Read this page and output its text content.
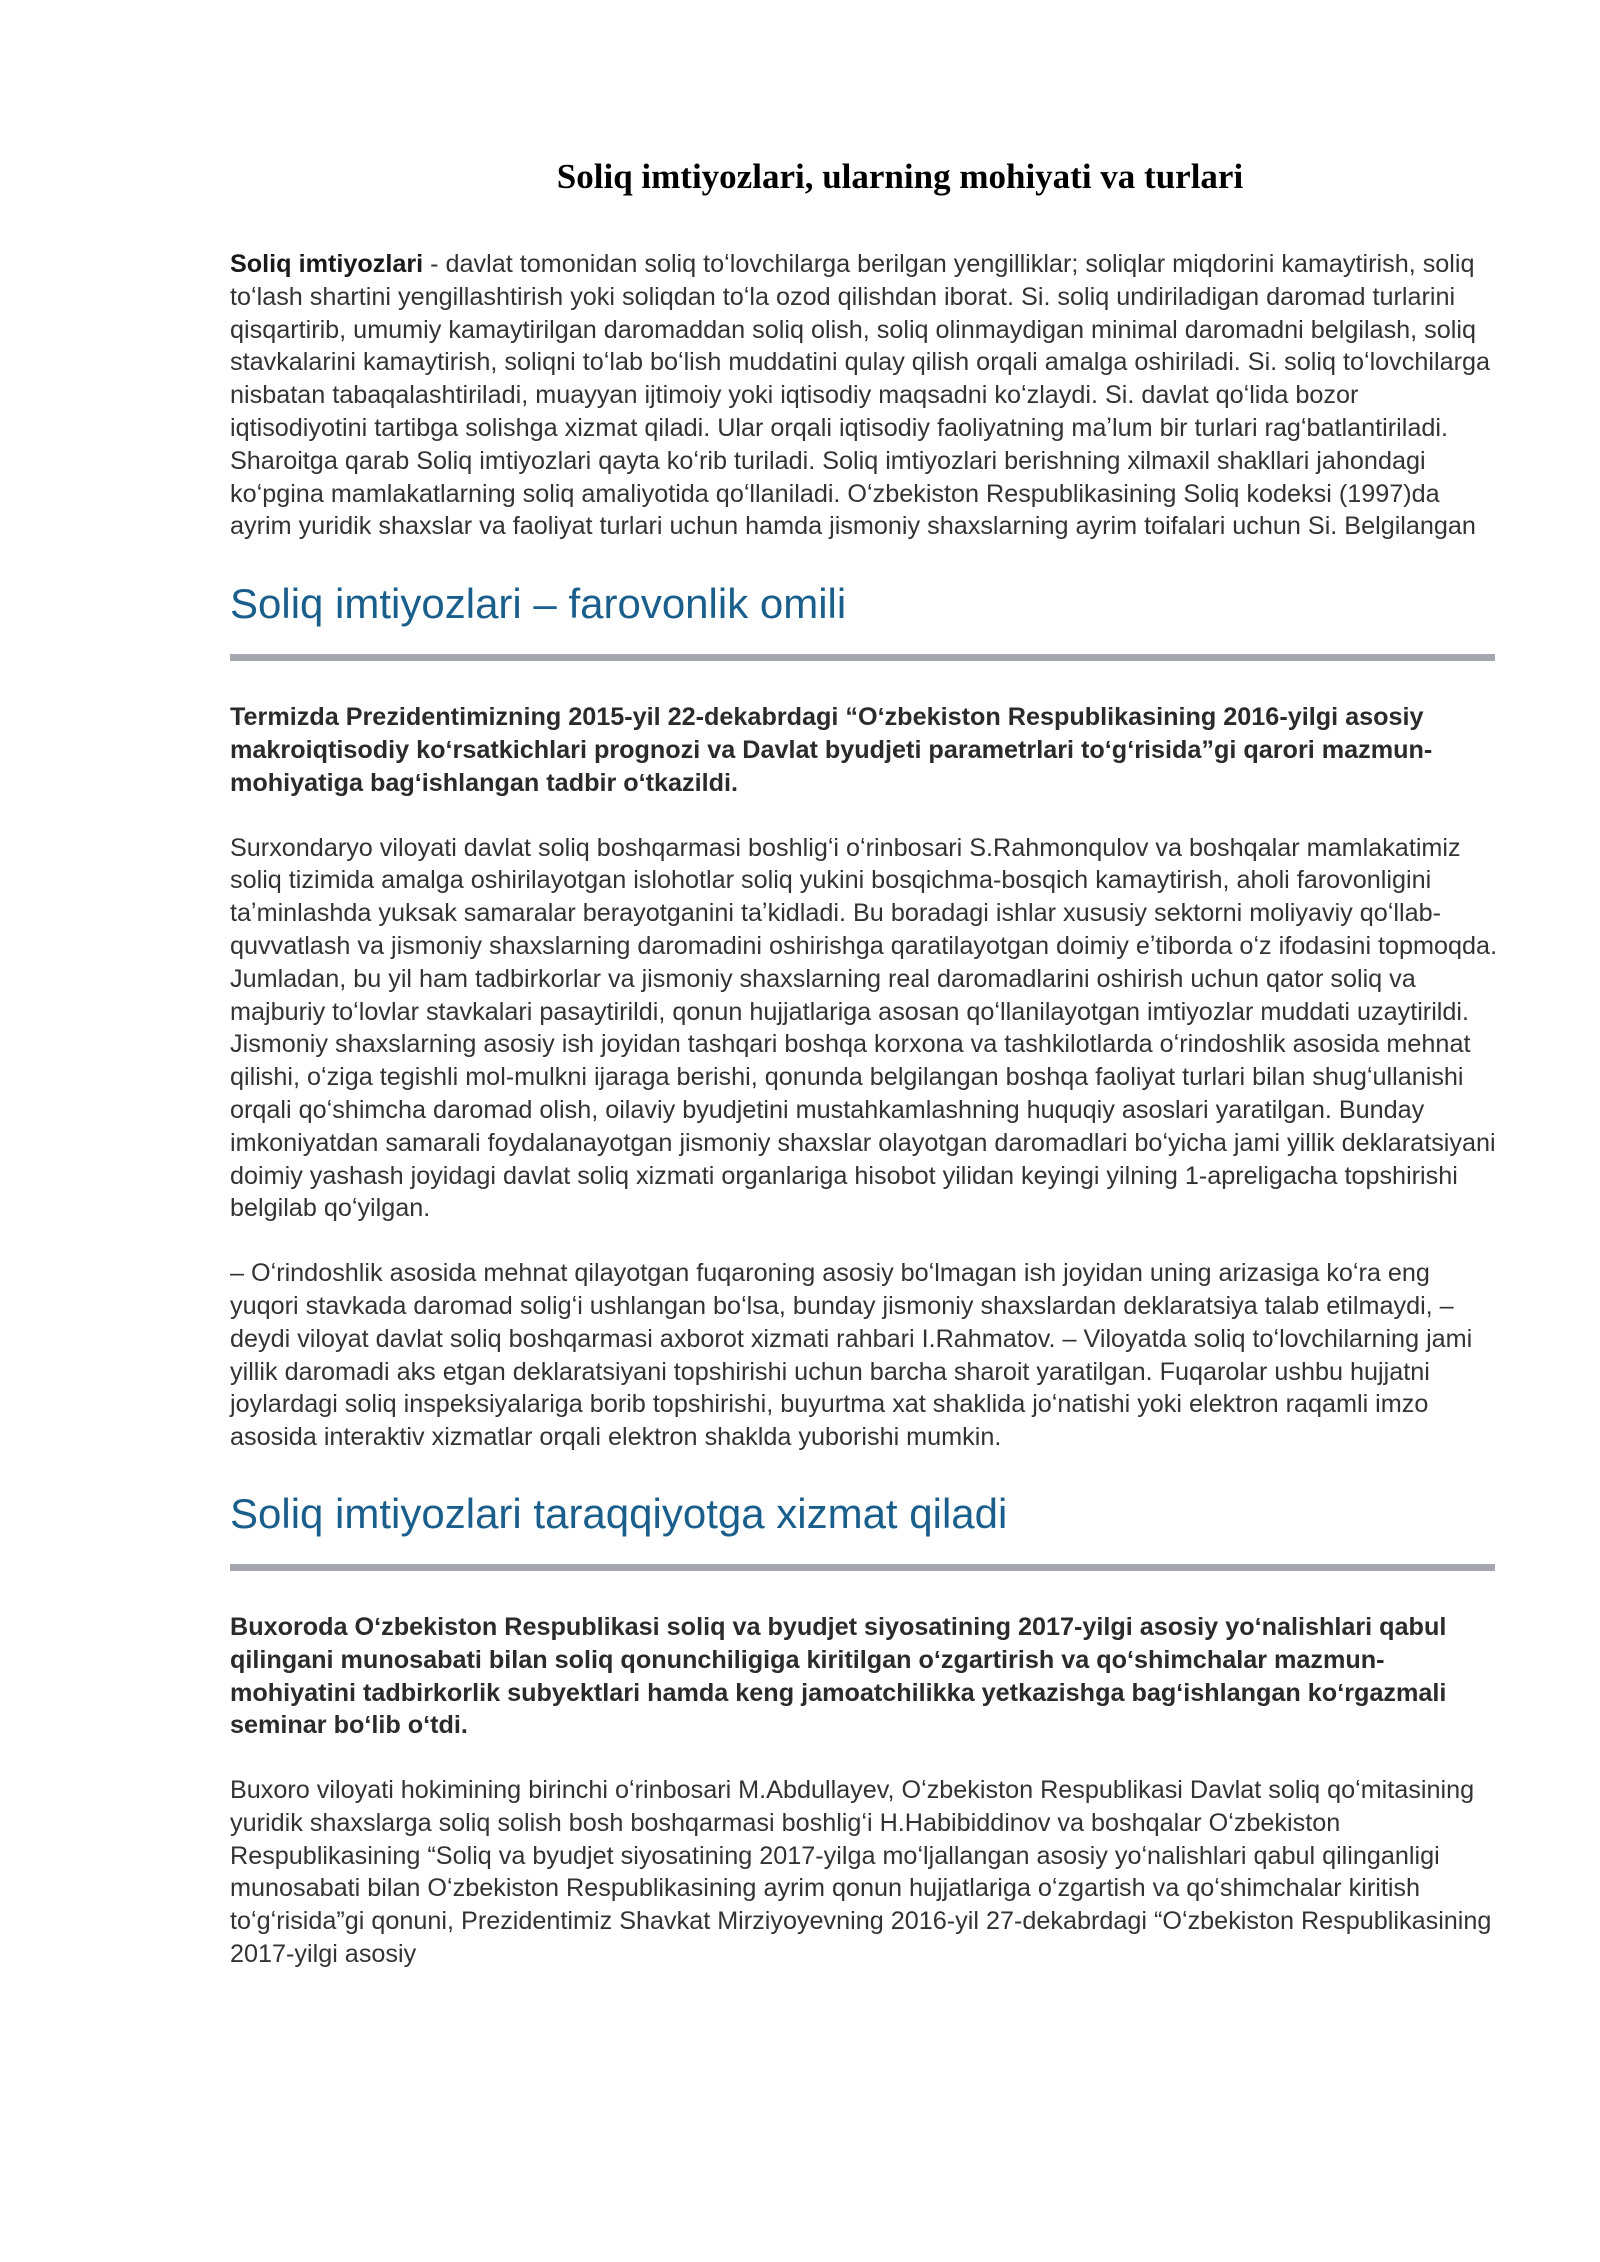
Soliq imtiyozlari, ularning mohiyati va turlari

Soliq imtiyozlari - davlat tomonidan soliq toʻlovchilarga berilgan yengilliklar; soliqlar miqdorini kamaytirish, soliq toʻlash shartini yengillashtirish yoki soliqdan toʻla ozod qilishdan iborat. Si. soliq undiriladigan daromad turlarini qisqartirib, umumiy kamaytirilgan daromaddan soliq olish, soliq olinmaydigan minimal daromadni belgilash, soliq stavkalarini kamaytirish, soliqni toʻlab boʻlish muddatini qulay qilish orqali amalga oshiriladi. Si. soliq toʻlovchilarga nisbatan tabaqalashtiriladi, muayyan ijtimoiy yoki iqtisodiy maqsadni koʻzlaydi. Si. davlat qoʻlida bozor iqtisodiyotini tartibga solishga xizmat qiladi. Ular orqali iqtisodiy faoliyatning maʼlum bir turlari ragʻbatlantiriladi. Sharoitga qarab Soliq imtiyozlari qayta koʻrib turiladi. Soliq imtiyozlari berishning xilmaxil shakllari jahondagi koʻpgina mamlakatlarning soliq amaliyotida qoʻllaniladi. Oʻzbekiston Respublikasining Soliq kodeksi (1997)da ayrim yuridik shaxslar va faoliyat turlari uchun hamda jismoniy shaxslarning ayrim toifalari uchun Si. Belgilangan

Soliq imtiyozlari – farovonlik omili

Termizda Prezidentimizning 2015-yil 22-dekabrdagi “Oʻzbekiston Respublikasining 2016-yilgi asosiy makroiqtisodiy koʻrsatkichlari prognozi va Davlat byudjeti parametrlari toʻgʻrisida”gi qarori mazmun-mohiyatiga bagʻishlangan tadbir oʻtkazildi.

Surxondaryo viloyati davlat soliq boshqarmasi boshligʻi oʻrinbosari S.Rahmonqulov va boshqalar mamlakatimiz soliq tizimida amalga oshirilayotgan islohotlar soliq yukini bosqichma-bosqich kamaytirish, aholi farovonligini taʼminlashda yuksak samaralar berayotganini taʼkidladi. Bu boradagi ishlar xususiy sektorni moliyaviy qoʻllab-quvvatlash va jismoniy shaxslarning daromadini oshirishga qaratilayotgan doimiy eʼtiborda oʻz ifodasini topmoqda. Jumladan, bu yil ham tadbirkorlar va jismoniy shaxslarning real daromadlarini oshirish uchun qator soliq va majburiy toʻlovlar stavkalari pasaytirildi, qonun hujjatlariga asosan qoʻllanilayotgan imtiyozlar muddati uzaytirildi. Jismoniy shaxslarning asosiy ish joyidan tashqari boshqa korxona va tashkilotlarda oʻrindoshlik asosida mehnat qilishi, oʻziga tegishli mol-mulkni ijaraga berishi, qonunda belgilangan boshqa faoliyat turlari bilan shugʻullanishi orqali qoʻshimcha daromad olish, oilaviy byudjetini mustahkamlashning huquqiy asoslari yaratilgan. Bunday imkoniyatdan samarali foydalanayotgan jismoniy shaxslar olayotgan daromadlari boʻyicha jami yillik deklaratsiyani doimiy yashash joyidagi davlat soliq xizmati organlariga hisobot yilidan keyingi yilning 1-apreligacha topshirishi belgilab qoʻyilgan.

– Oʻrindoshlik asosida mehnat qilayotgan fuqaroning asosiy boʻlmagan ish joyidan uning arizasiga koʻra eng yuqori stavkada daromad soligʻi ushlangan boʻlsa, bunday jismoniy shaxslardan deklaratsiya talab etilmaydi, – deydi viloyat davlat soliq boshqarmasi axborot xizmati rahbari I.Rahmatov. – Viloyatda soliq toʻlovchilarning jami yillik daromadi aks etgan deklaratsiyani topshirishi uchun barcha sharoit yaratilgan. Fuqarolar ushbu hujjatni joylardagi soliq inspeksiyalariga borib topshirishi, buyurtma xat shaklida joʻnatishi yoki elektron raqamli imzo asosida interaktiv xizmatlar orqali elektron shakldа yuborishi mumkin.

Soliq imtiyozlari taraqqiyotga xizmat qiladi

Buxoroda Oʻzbekiston Respublikasi soliq va byudjet siyosatining 2017-yilgi asosiy yoʻnalishlari qabul qilingani munosabati bilan soliq qonunchiligiga kiritilgan oʻzgartirish va qoʻshimchalar mazmun-mohiyatini tadbirkorlik subyektlari hamda keng jamoatchilikka yetkazishga bagʻishlangan koʻrgazmali seminar boʻlib oʻtdi.

Buxoro viloyati hokimining birinchi oʻrinbosari M.Abdullayev, Oʻzbekiston Respublikasi Davlat soliq qoʻmitasining yuridik shaxslarga soliq solish bosh boshqarmasi boshligʻi H.Habibiddinov va boshqalar Oʻzbekiston Respublikasining “Soliq va byudjet siyosatining 2017-yilga moʻljallangan asosiy yoʻnalishlari qabul qilinganligi munosabati bilan Oʻzbekiston Respublikasining ayrim qonun hujjatlariga oʻzgartish va qoʻshimchalar kiritish toʻgʻrisida”gi qonuni, Prezidentimiz Shavkat Mirziyoyevning 2016-yil 27-dekabrdagi “Oʻzbekiston Respublikasining 2017-yilgi asosiy
